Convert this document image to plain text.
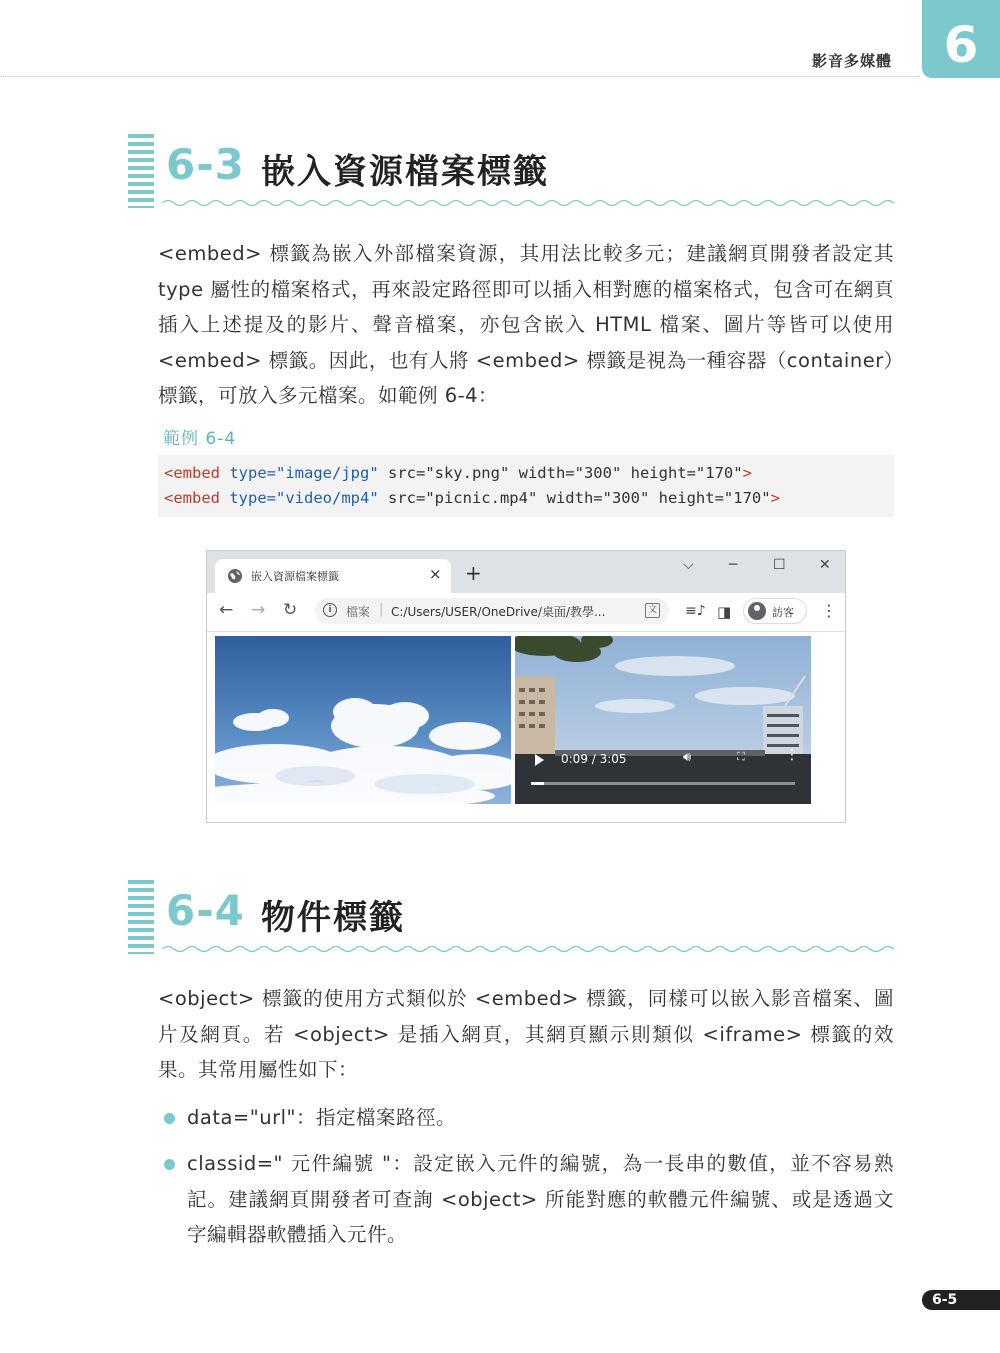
影音多媒體	6
6-3 嵌入資源檔案標籤
<embed> 標籤為嵌入外部檔案資源，其用法比較多元；建議網頁開發者設定其 type 屬性的檔案格式，再來設定路徑即可以插入相對應的檔案格式，包含可在網頁插入上述提及的影片、聲音檔案，亦包含嵌入 HTML 檔案、圖片等皆可以使用 <embed> 標籤。因此，也有人將 <embed> 標籤是視為一種容器（container）標籤，可放入多元檔案。如範例 6-4：
範例 6-4
<embed type="image/jpg" src="sky.png" width="300" height="170">
<embed type="video/mp4" src="picnic.mp4" width="300" height="170">
嵌入資源檔案標籤	× +	⌵	─	☐ ✕
← → ↻	i	檔案 | C:/Users/USER/OneDrive/桌面/教學...	文 ≡♪ ◨	訪客 ⋮
0:09 / 3:05	🔊︎	⛶	⋮
6-4 物件標籤
<object> 標籤的使用方式類似於 <embed> 標籤，同樣可以嵌入影音檔案、圖片及網頁。若 <object> 是插入網頁，其網頁顯示則類似 <iframe> 標籤的效果。其常用屬性如下：
data="url"：指定檔案路徑。
classid=" 元件編號 "：設定嵌入元件的編號，為一長串的數值，並不容易熟記。建議網頁開發者可查詢 <object> 所能對應的軟體元件編號、或是透過文字編輯器軟體插入元件。
6-5
